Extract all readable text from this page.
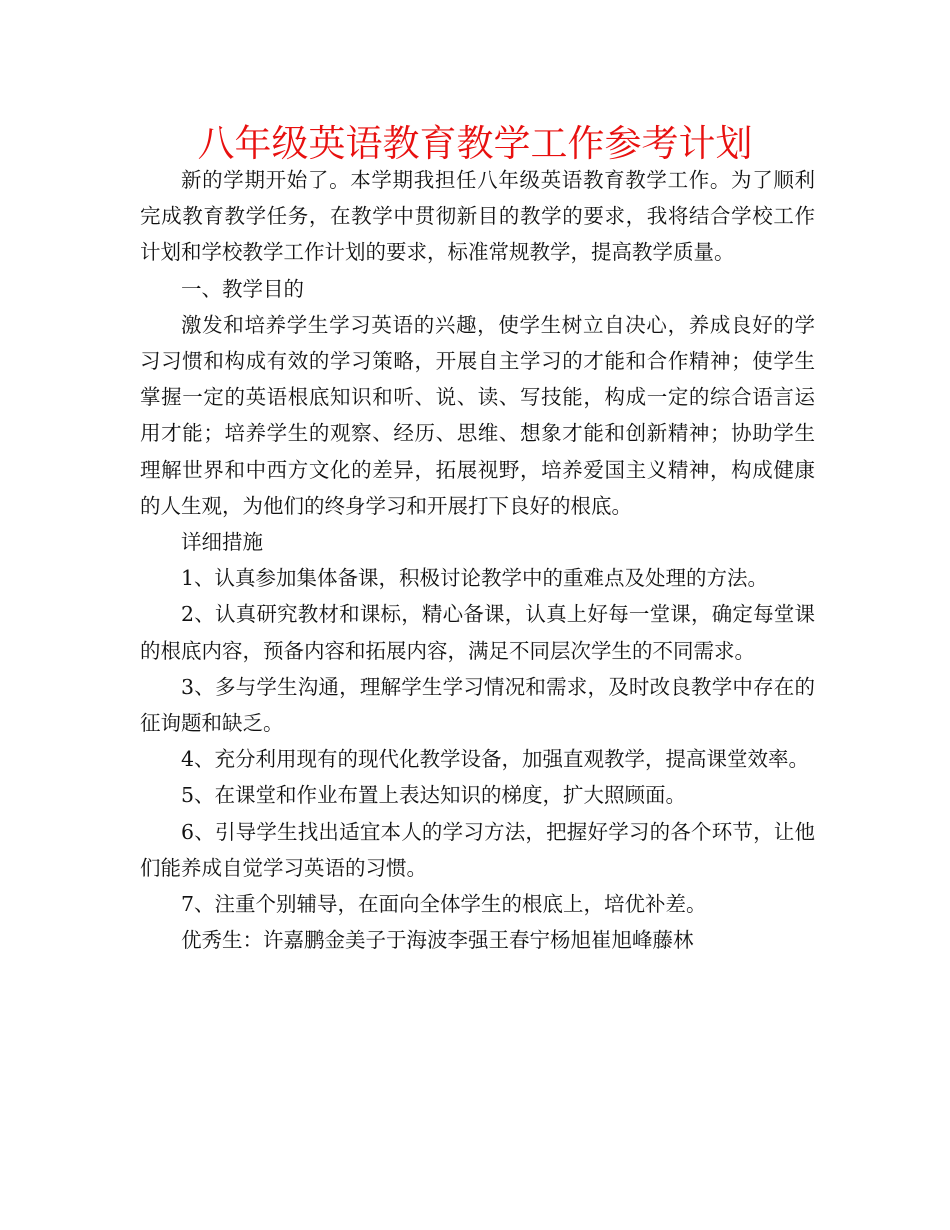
八年级英语教育教学工作参考计划

新的学期开始了。本学期我担任八年级英语教育教学工作。为了顺利完成教育教学任务，在教学中贯彻新目的教学的要求，我将结合学校工作计划和学校教学工作计划的要求，标准常规教学，提高教学质量。

一、教学目的

激发和培养学生学习英语的兴趣，使学生树立自决心，养成良好的学习习惯和构成有效的学习策略，开展自主学习的才能和合作精神；使学生掌握一定的英语根底知识和听、说、读、写技能，构成一定的综合语言运用才能；培养学生的观察、经历、思维、想象才能和创新精神；协助学生理解世界和中西方文化的差异，拓展视野，培养爱国主义精神，构成健康的人生观，为他们的终身学习和开展打下良好的根底。

详细措施

1、认真参加集体备课，积极讨论教学中的重难点及处理的方法。

2、认真研究教材和课标，精心备课，认真上好每一堂课，确定每堂课的根底内容，预备内容和拓展内容，满足不同层次学生的不同需求。

3、多与学生沟通，理解学生学习情况和需求，及时改良教学中存在的征询题和缺乏。

4、充分利用现有的现代化教学设备，加强直观教学，提高课堂效率。

5、在课堂和作业布置上表达知识的梯度，扩大照顾面。

6、引导学生找出适宜本人的学习方法，把握好学习的各个环节，让他们能养成自觉学习英语的习惯。

7、注重个别辅导，在面向全体学生的根底上，培优补差。

优秀生：许嘉鹏金美子于海波李强王春宁杨旭崔旭峰藤林
